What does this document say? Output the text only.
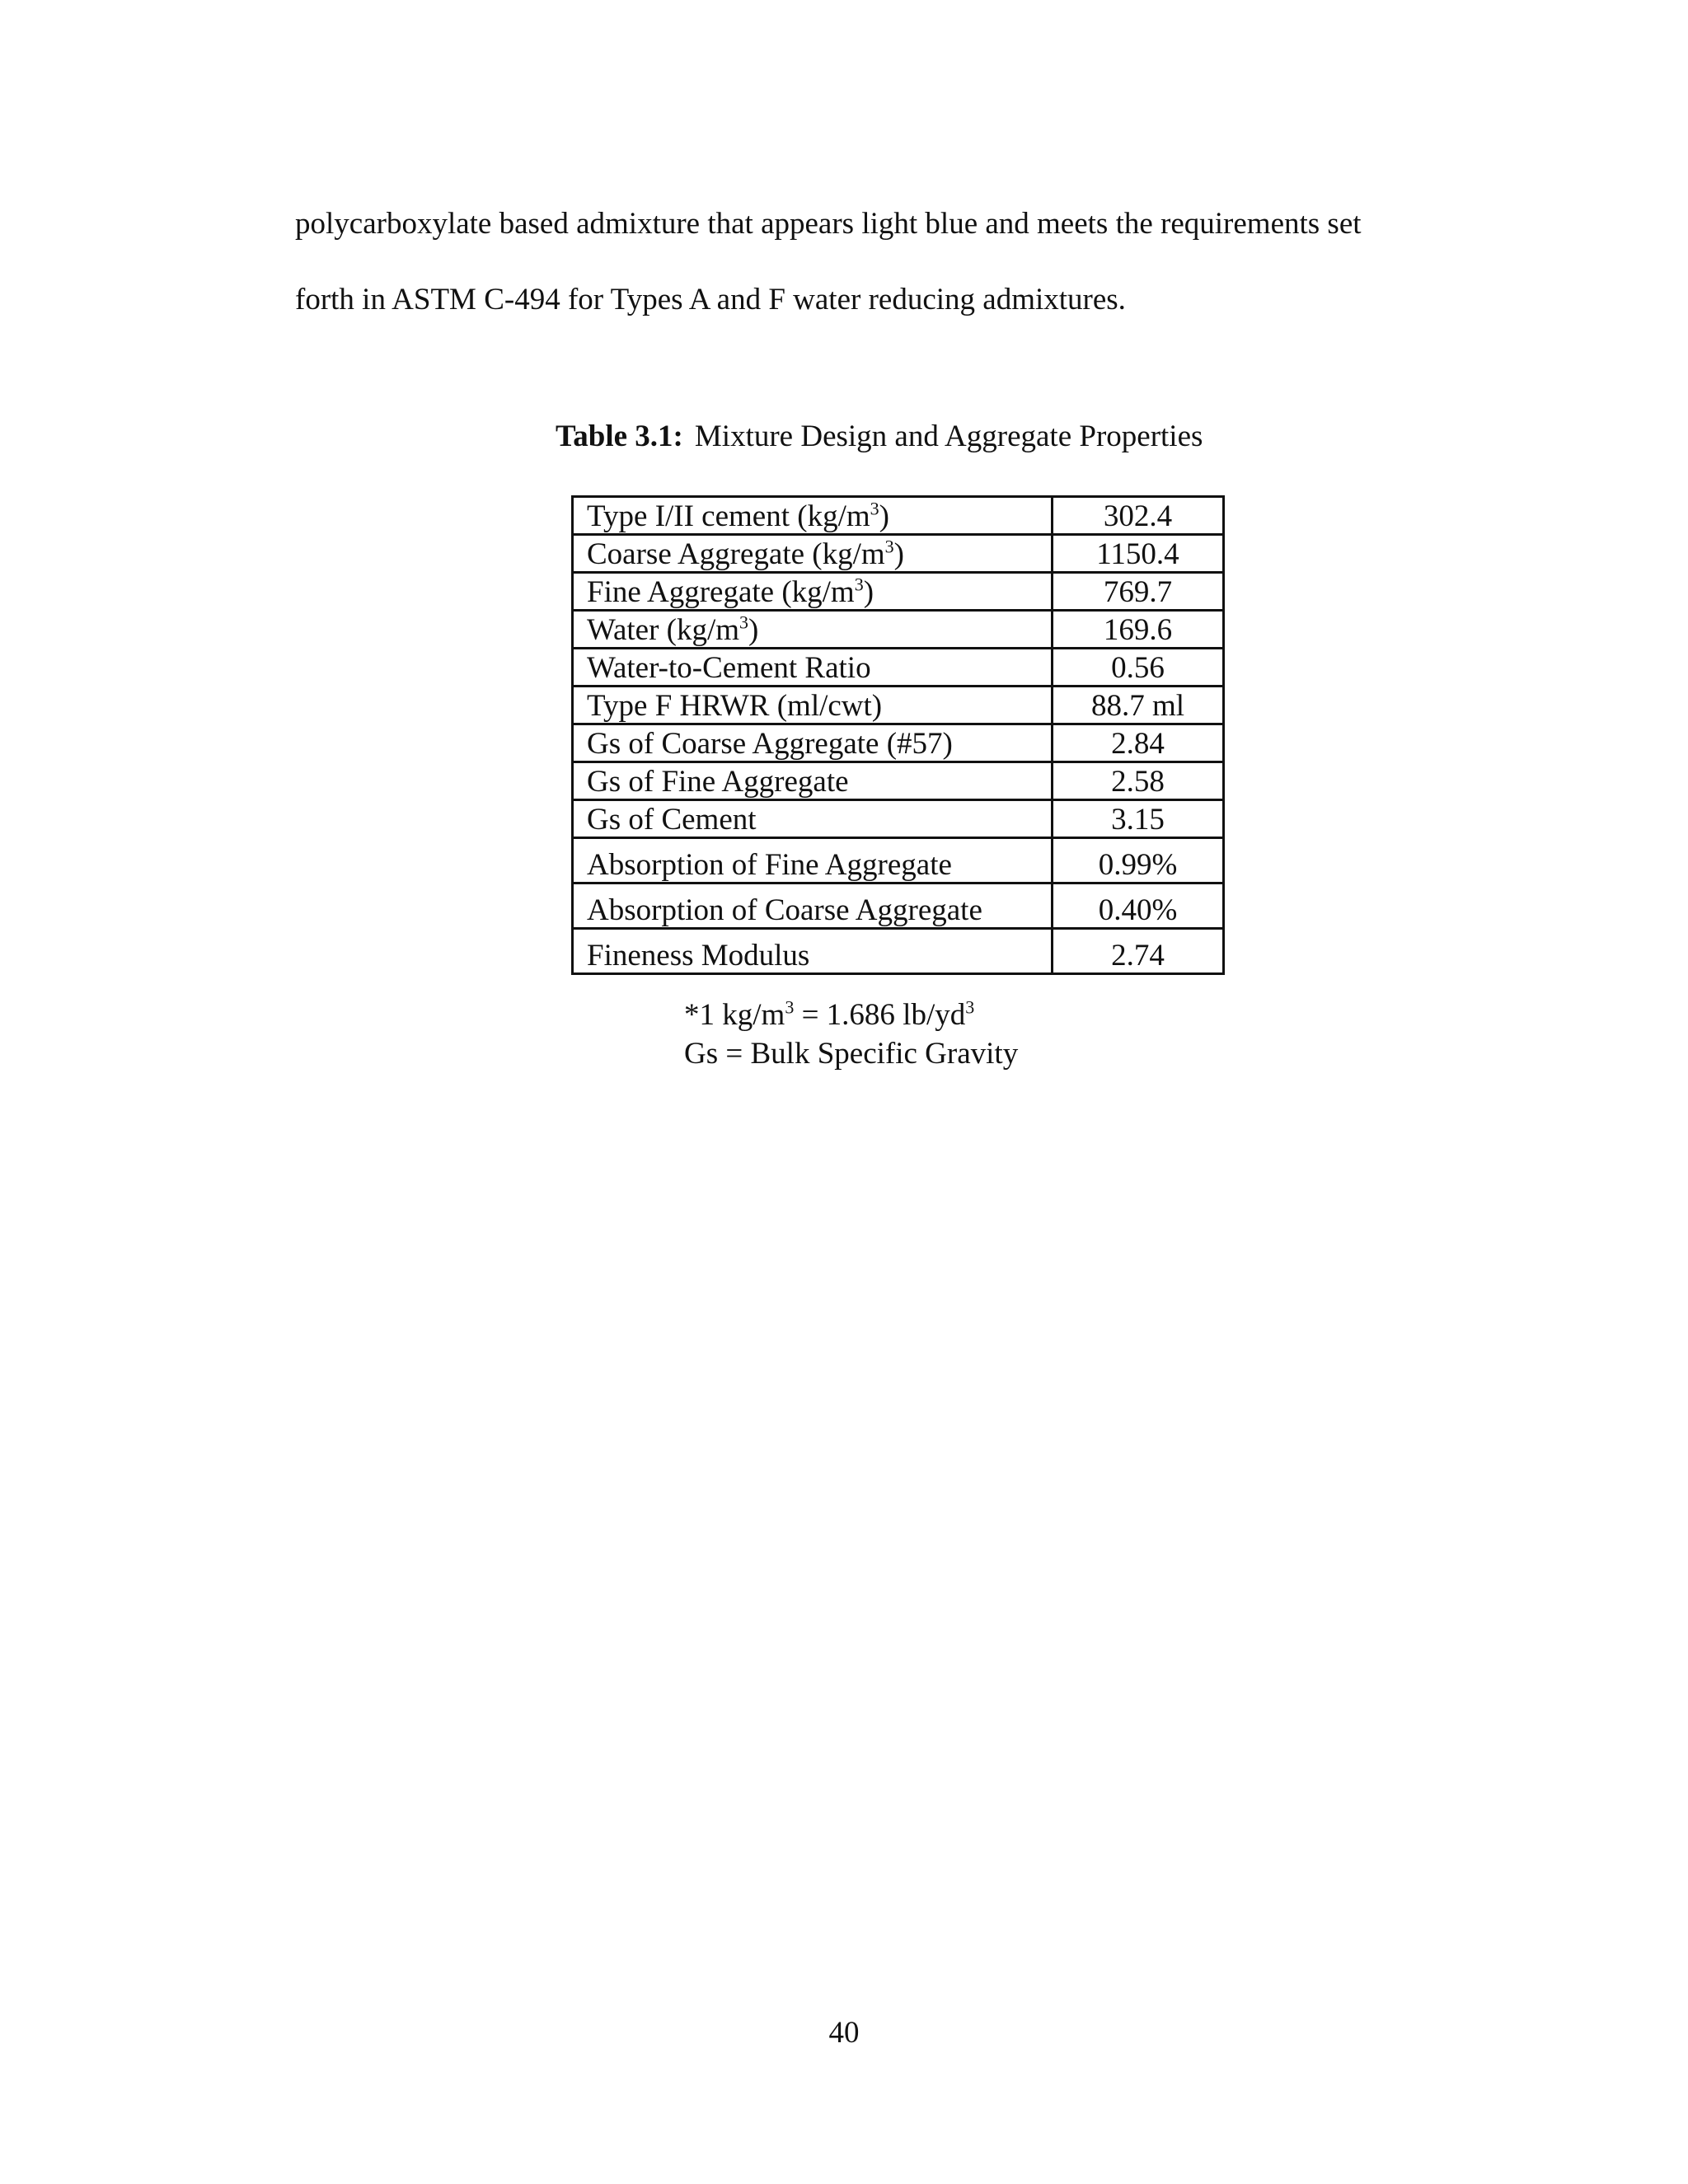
polycarboxylate based admixture that appears light blue and meets the requirements set
forth in ASTM C-494 for Types A and F water reducing admixtures.
Table 3.1: Mixture Design and Aggregate Properties
Type I/II cement $(kg/m^3)$	302.4
Coarse Aggregate $(kg/m^3)$	1150.4
Fine Aggregate $(kg/m^3)$	769.7
Water $(kg/m^3)$	169.6
Water-to-Cement Ratio	0.56
Type F HRWR (ml/cwt)	88.7 ml
Gs of Coarse Aggregate (#57)	2.84
Gs of Fine Aggregate	2.58
Gs of Cement	3.15
Absorption of Fine Aggregate	0.99%
Absorption of Coarse Aggregate	0.40%
Fineness Modulus	2.74
*1 $kg/m^3 = 1.686$ $lb/yd^3$
Gs = Bulk Specific Gravity
40
